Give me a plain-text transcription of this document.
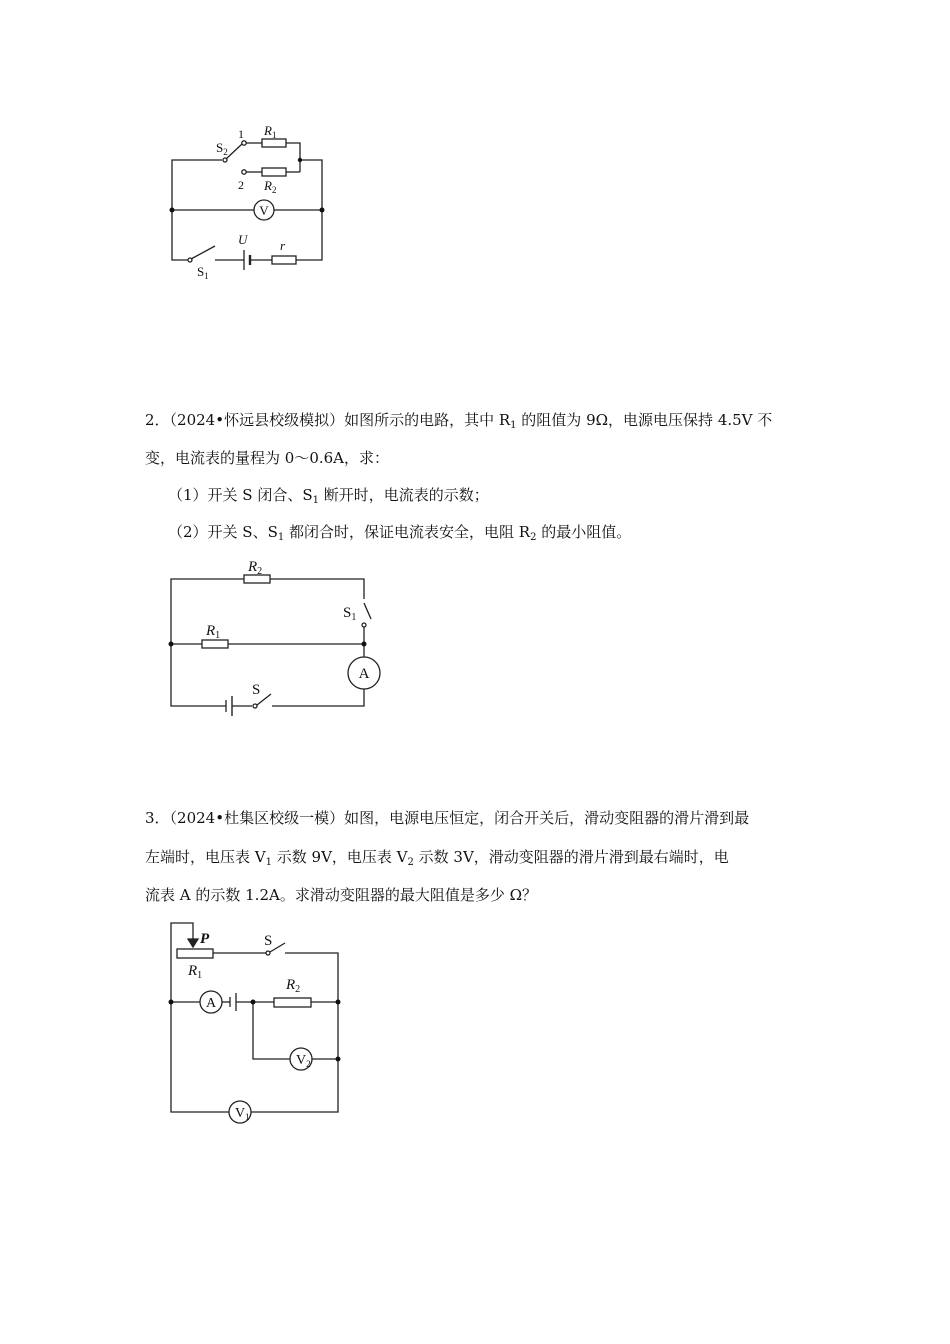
$S_2$
1
2
$R_1$
$R_2$
V
U	r
$S_1$
2．（2024•怀远县校级模拟）如图所示的电路，其中 $R_1$ 的阻值为 9Ω，电源电压保持 4.5V 不
变，电流表的量程为 0～0.6A，求：
（1）开关 S 闭合、$S_1$ 断开时，电流表的示数；
（2）开关 S、$S_1$ 都闭合时，保证电流表安全，电阻 $R_2$ 的最小阻值。
$R_2$
$R_1$
$S_1$
A
S
3．（2024•杜集区校级一模）如图，电源电压恒定，闭合开关后，滑动变阻器的滑片滑到最
左端时，电压表 $V_1$ 示数 9V，电压表 $V_2$ 示数 3V，滑动变阻器的滑片滑到最右端时，电
流表 A 的示数 1.2A。求滑动变阻器的最大阻值是多少 Ω？
P
$R_1$
S
$R_2$
A
$V_2$
$V_1$
